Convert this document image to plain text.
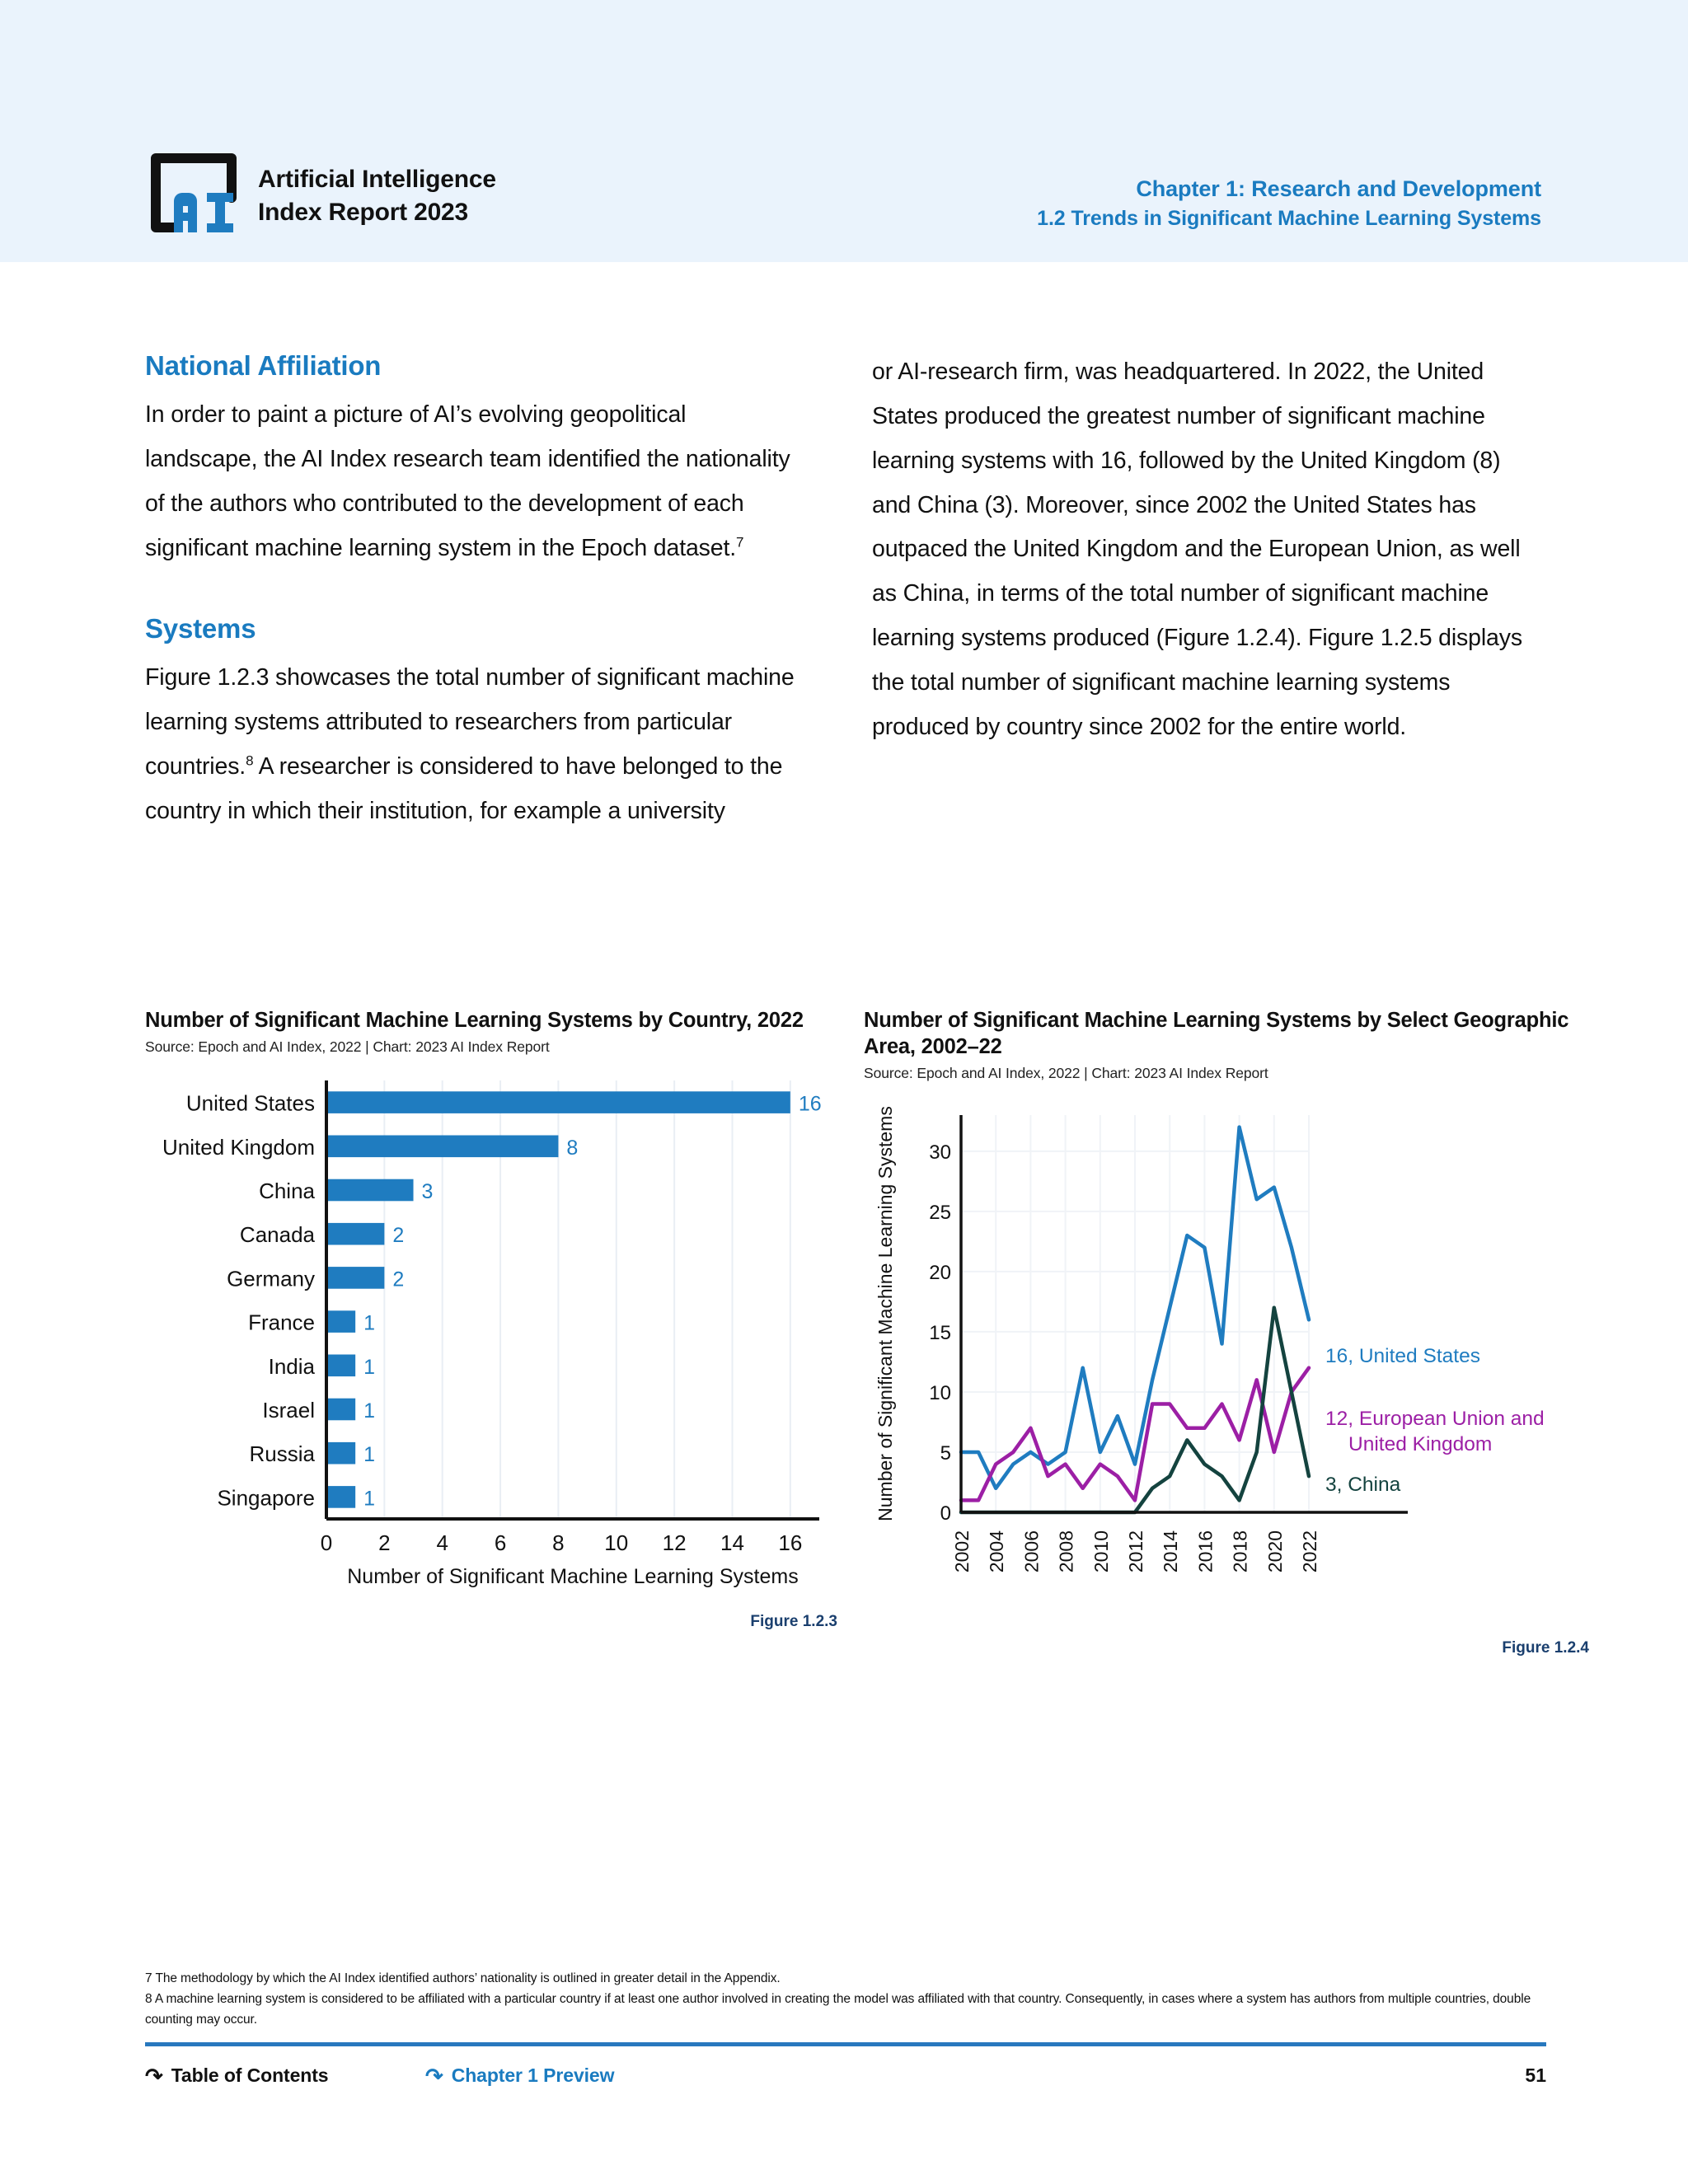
Artificial Intelligence
Index Report 2023
Chapter 1: Research and Development
1.2 Trends in Significant Machine Learning Systems
National Affiliation

In order to paint a picture of AI’s evolving geopolitical landscape, the AI Index research team identified the nationality of the authors who contributed to the development of each significant machine learning system in the Epoch dataset.$^7$

Systems

Figure 1.2.3 showcases the total number of significant machine learning systems attributed to researchers from particular countries.$^8$ A researcher is considered to have belonged to the country in which their institution, for example a university

or AI-research firm, was headquartered. In 2022, the United States produced the greatest number of significant machine learning systems with 16, followed by the United Kingdom (8) and China (3). Moreover, since 2002 the United States has outpaced the United Kingdom and the European Union, as well as China, in terms of the total number of significant machine learning systems produced (Figure 1.2.4). Figure 1.2.5 displays the total number of significant machine learning systems produced by country since 2002 for the entire world.

Number of Significant Machine Learning Systems by Country, 2022
Source: Epoch and AI Index, 2022 | Chart: 2023 AI Index Report
United States	16
United Kingdom	8
China	3
Canada	2
Germany	2
France 1
India 1
Israel 1
Russia 1
Singapore 1
0 2 4 6 8 10 12 14 16
Number of Significant Machine Learning Systems
Figure 1.2.3
Number of Significant Machine Learning Systems by Select Geographic Area, 2002–22
Source: Epoch and AI Index, 2022 | Chart: 2023 AI Index Report
0
5
10
15
20
25
30
2002 2004 2006 2008 2010 2012 2014 2016 2018 2020 2022
Number of Significant Machine Learning Systems	16, United States
12, European Union and
United Kingdom
3, China
Figure 1.2.4
7 The methodology by which the AI Index identified authors’ nationality is outlined in greater detail in the Appendix.
8 A machine learning system is considered to be affiliated with a particular country if at least one author involved in creating the model was affiliated with that country. Consequently, in cases where a system has authors from multiple countries, double counting may occur.
↶ Table of Contents	↶ Chapter 1 Preview	51
